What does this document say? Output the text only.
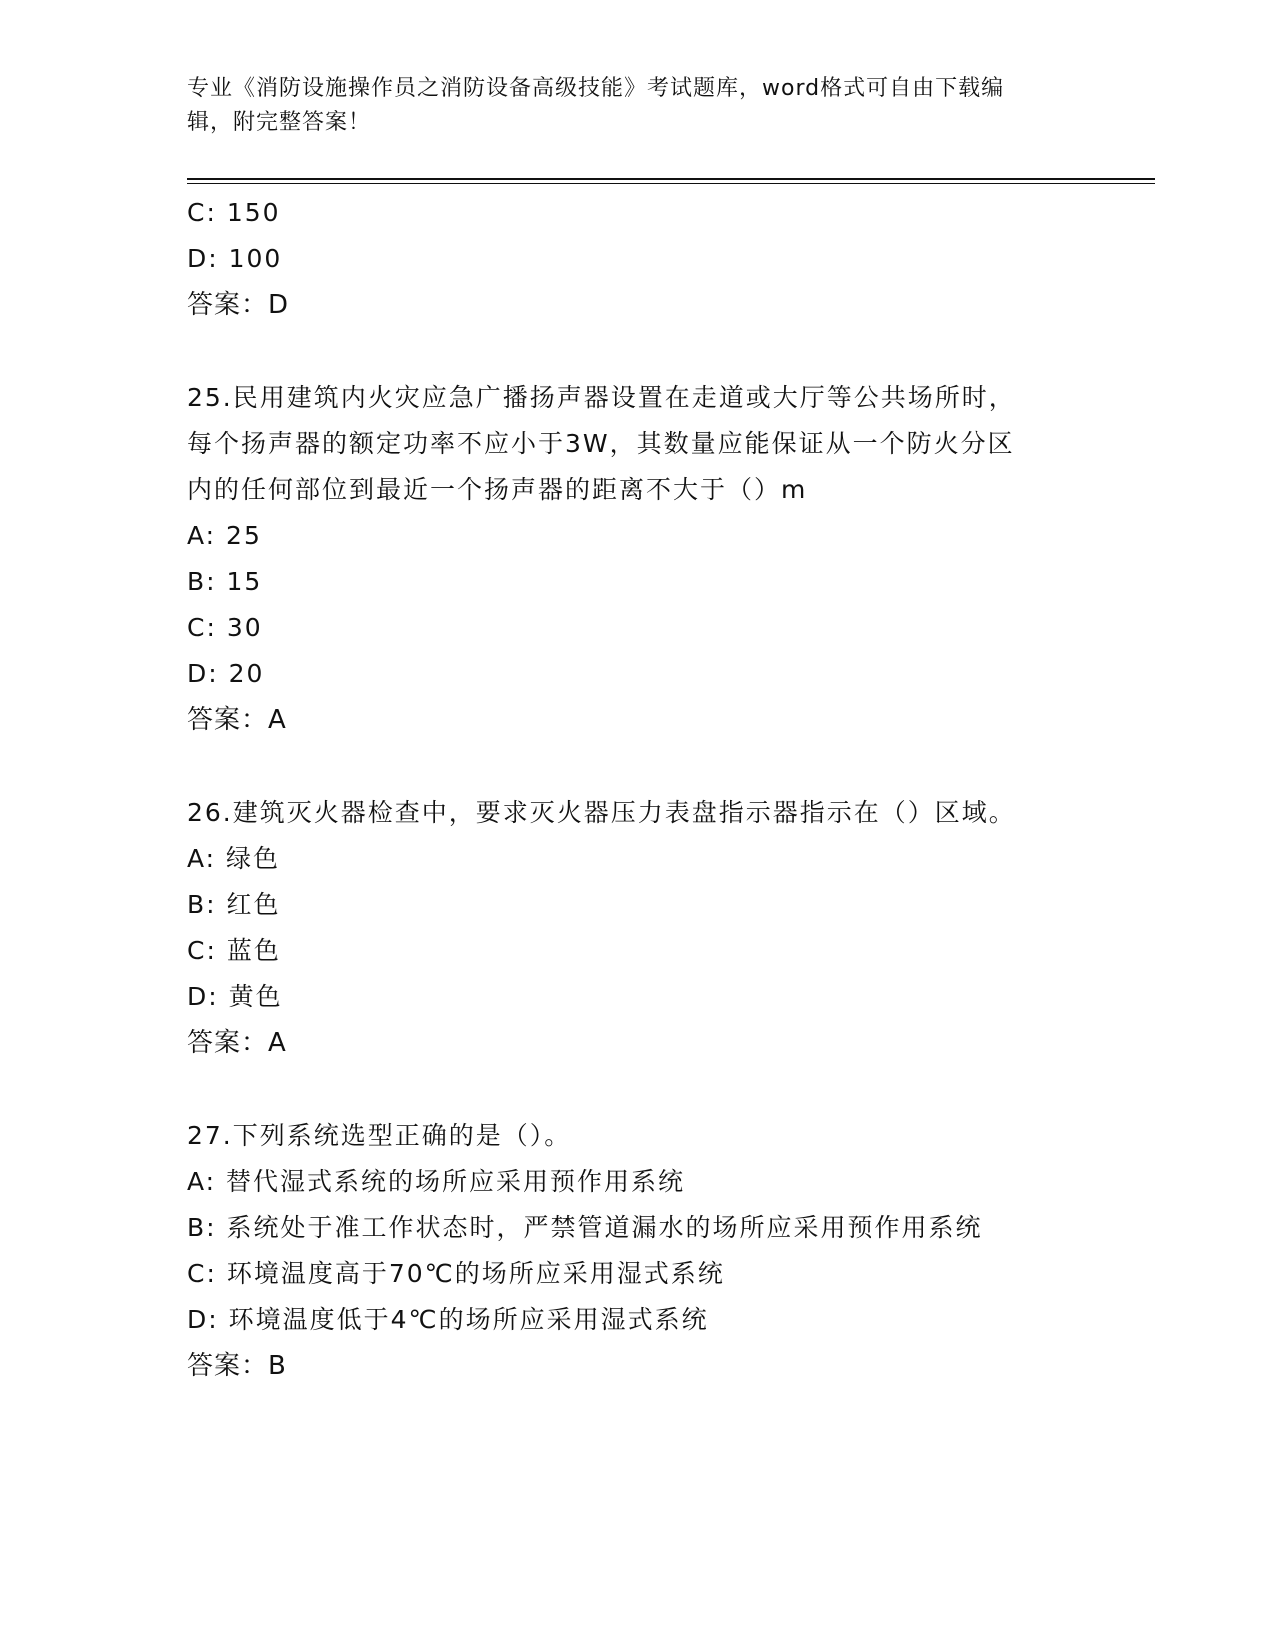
专业《消防设施操作员之消防设备高级技能》考试题库，word格式可自由下载编
辑，附完整答案！
C: 150
D: 100
答案：D
25.民用建筑内火灾应急广播扬声器设置在走道或大厅等公共场所时，
每个扬声器的额定功率不应小于3W，其数量应能保证从一个防火分区
内的任何部位到最近一个扬声器的距离不大于（）m
A: 25
B: 15
C: 30
D: 20
答案：A
26.建筑灭火器检查中，要求灭火器压力表盘指示器指示在（）区域。
A: 绿色
B: 红色
C: 蓝色
D: 黄色
答案：A
27.下列系统选型正确的是（）。
A: 替代湿式系统的场所应采用预作用系统
B: 系统处于准工作状态时，严禁管道漏水的场所应采用预作用系统
C: 环境温度高于70℃的场所应采用湿式系统
D: 环境温度低于4℃的场所应采用湿式系统
答案：B
